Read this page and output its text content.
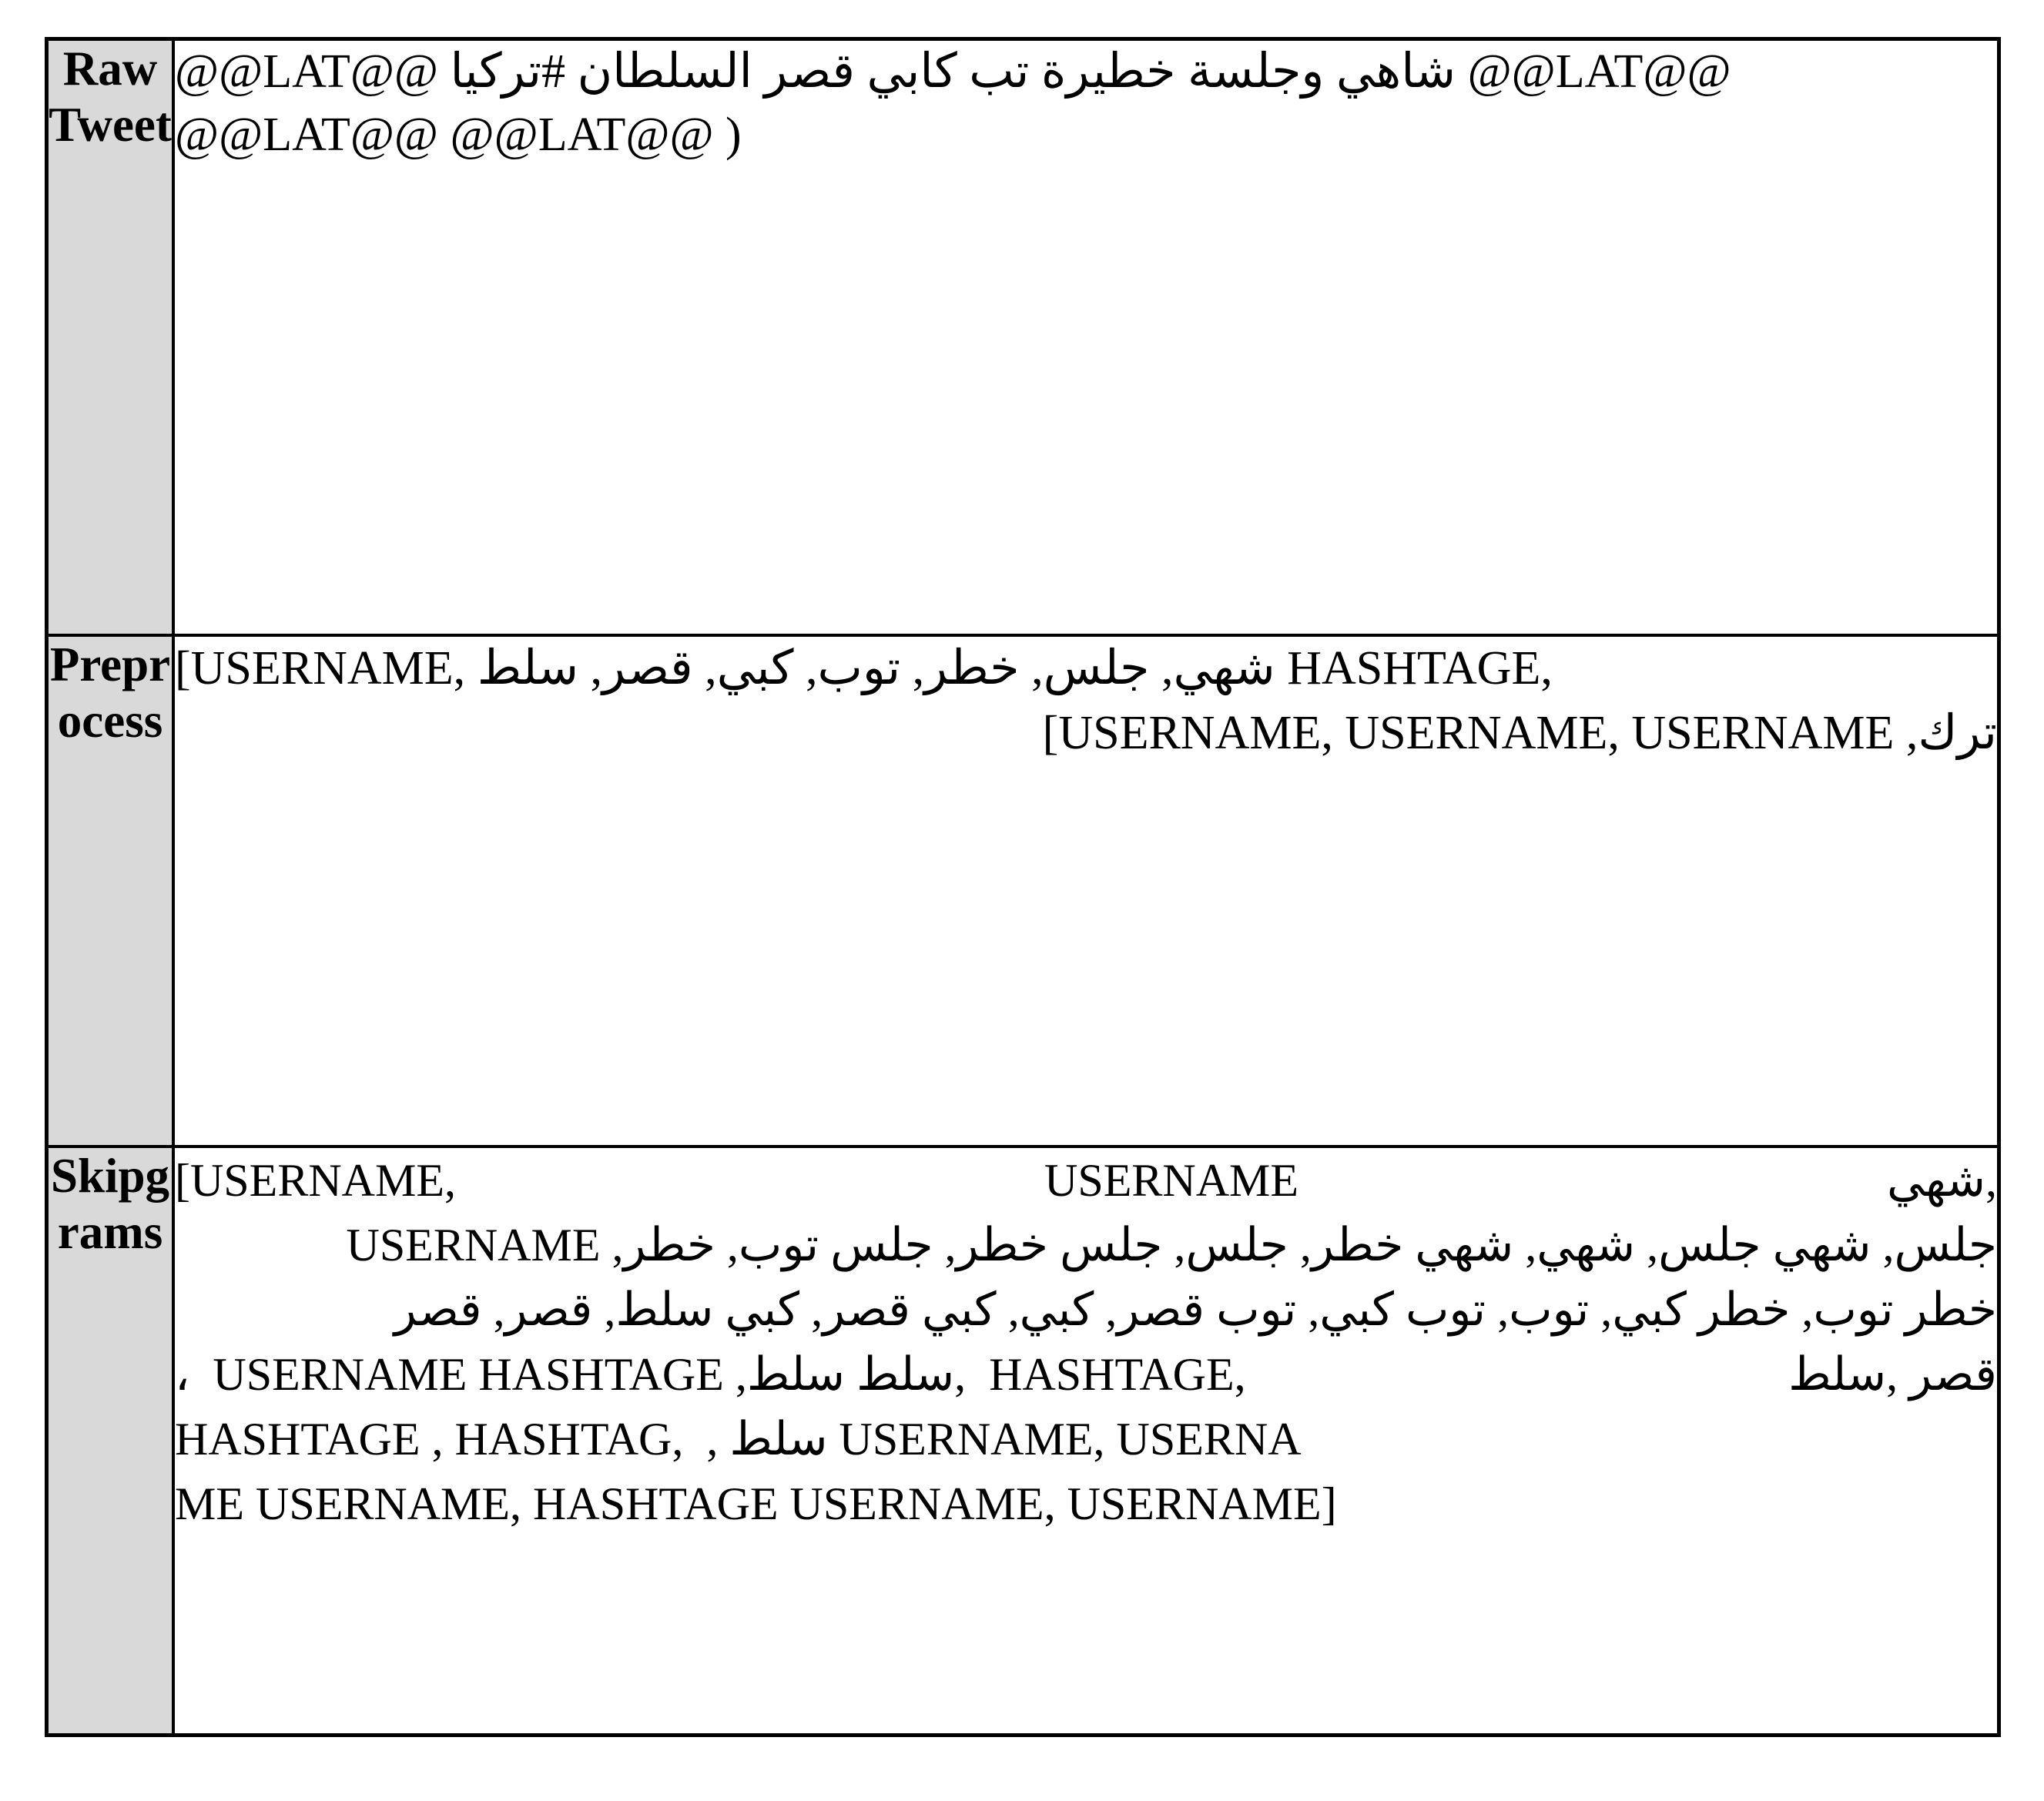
RawTweet	@@LAT@@ شاهي وجلسة خطيرة تب كابي قصر السلطان #تركيا @@LAT@@
@@LAT@@ @@LAT@@ )

Preprocess	[USERNAME, ‏شهي, جلس, خطر, توب, كبي, قصر, سلط HASHTAGE,
ترك, USERNAME, USERNAME, USERNAME]

Skipgrams

[USERNAME,	USERNAME	شهي,
جلس, شهي جلس, شهي, شهي خطر, جلس, جلس خطر, جلس توب, خطر, USERNAME
خطر توب, خطر كبي, توب, توب كبي, توب قصر, كبي, كبي قصر, كبي سلط, قصر, قصر
،  USERNAME HASHTAGE ,سلط سلط,  HASHTAGE,	قصر ,سلط
HASHTAGE , HASHTAG,  , سلط USERNAME, USERNA
ME USERNAME, HASHTAGE USERNAME, USERNAME]
